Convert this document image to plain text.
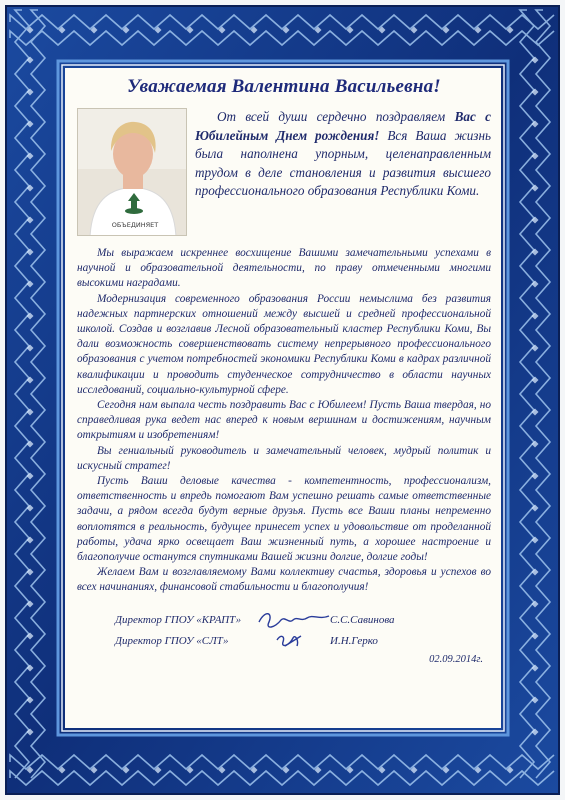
Уважаемая Валентина Васильевна!
ОБЪЕДИНЯЕТ

От всей души сердечно поздравляем Вас с Юбилейным Днем рождения! Вся Ваша жизнь была наполнена упорным, целенаправленным трудом в деле становления и развития высшего профессионального образования Республики Коми.

Мы выражаем искреннее восхищение Вашими замечательными успехами в научной и образовательной деятельности, по праву отмеченными многими высокими наградами.

Модернизация современного образования России немыслима без развития надежных партнерских отношений между высшей и средней профессиональной школой. Создав и возглавив Лесной образовательный кластер Республики Коми, Вы дали возможность совершенствовать систему непрерывного профессионального образования с учетом потребностей экономики Республики Коми в кадрах различной квалификации и проводить студенческое сотрудничество в области научных исследований, социально-культурной сфере.

Сегодня нам выпала честь поздравить Вас с Юбилеем! Пусть Ваша твердая, но справедливая рука ведет нас вперед к новым вершинам и достижениям, научным открытиям и изобретениям!

Вы гениальный руководитель и замечательный человек, мудрый политик и искусный стратег!

Пусть Ваши деловые качества - компетентность, профессионализм, ответственность и впредь помогают Вам успешно решать самые ответственные задачи, а рядом всегда будут верные друзья. Пусть все Ваши планы непременно воплотятся в реальность, будущее принесет успех и удовольствие от проделанной работы, удача ярко освещает Ваш жизненный путь, а хорошее настроение и благополучие останутся спутниками Вашей жизни долгие, долгие годы!

Желаем Вам и возглавляемому Вами коллективу счастья, здоровья и успехов во всех начинаниях, финансовой стабильности и благополучия!

Директор ГПОУ «КРАПТ»	С.С.Савинова
Директор ГПОУ «СЛТ»	И.Н.Герко
02.09.2014г.
